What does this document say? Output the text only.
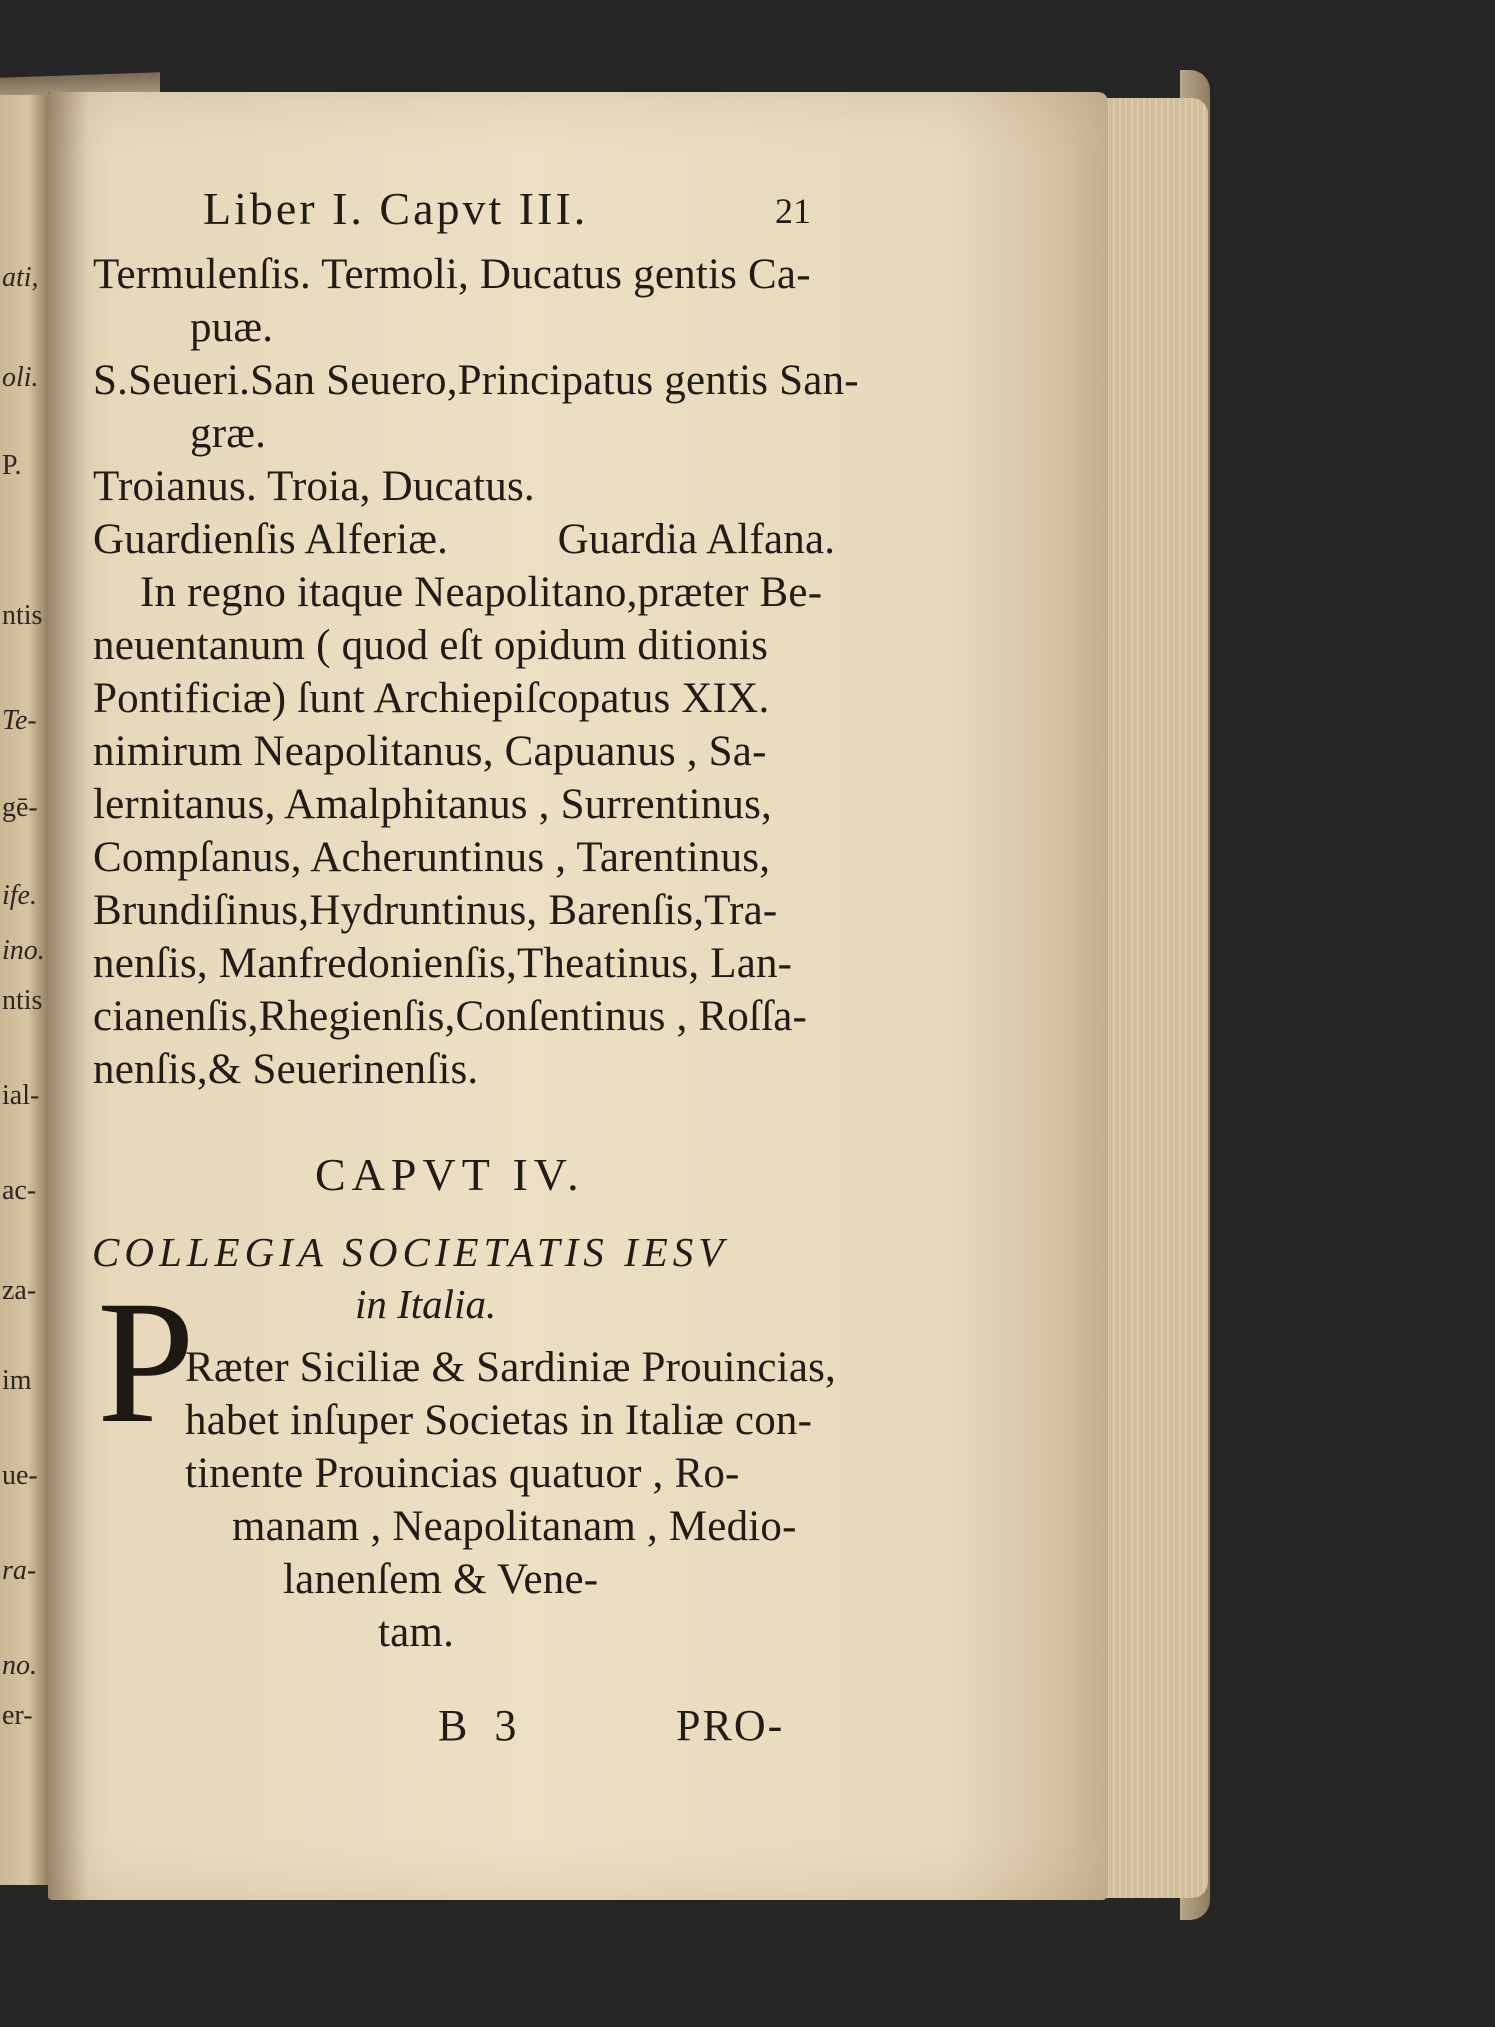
ati,
oli.
P.
ntis
Te-
gē-
ife.
ino.
ntis
ial-
ac-
za-
im
ue-
ra-
no.
er-
Liber I. Capvt III.	21
Termulenſis. Termoli, Ducatus gentis Ca-
puæ.
S.Seueri.San Seuero,Principatus gentis San-
græ.
Troianus. Troia, Ducatus.
Guardienſis Alferiæ.          Guardia Alfana.
In regno itaque Neapolitano,præter Be-
neuentanum ( quod eſt opidum ditionis
Pontificiæ) ſunt Archiepiſcopatus XIX.
nimirum Neapolitanus, Capuanus , Sa-
lernitanus, Amalphitanus , Surrentinus,
Compſanus, Acheruntinus , Tarentinus,
Brundiſinus,Hydruntinus, Barenſis,Tra-
nenſis, Manfredonienſis,Theatinus, Lan-
cianenſis,Rhegienſis,Conſentinus , Roſſa-
nenſis,& Seuerinenſis.
CAPVT IV.
COLLEGIA SOCIETATIS IESV
in Italia.
P
Ræter Siciliæ & Sardiniæ Prouincias,
habet inſuper Societas in Italiæ con-
tinente Prouincias quatuor , Ro-
manam , Neapolitanam , Medio-
lanenſem & Vene-
tam.
B 3	PRO-
